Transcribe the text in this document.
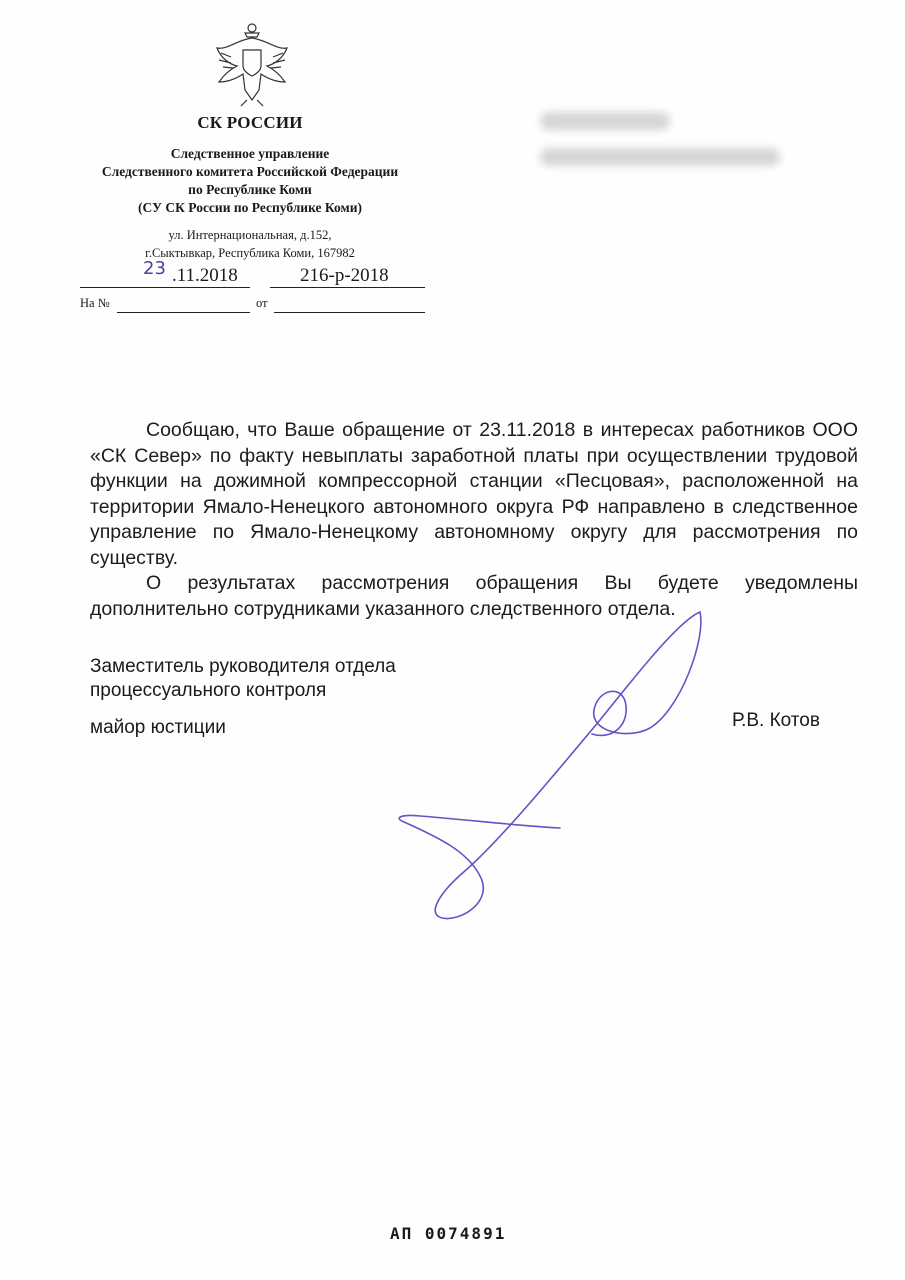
СК РОССИИ
Следственное управление
Следственного комитета Российской Федерации
по Республике Коми
(СУ СК России по Республике Коми)
ул. Интернациональная, д.152,
г.Сыктывкар, Республика Коми, 167982
23 .11.2018	216-р-2018
На №	от

Сообщаю, что Ваше обращение от 23.11.2018 в интересах работников ООО «СК Север» по факту невыплаты заработной платы при осуществлении трудовой функции на дожимной компрессорной станции «Песцовая», расположенной на территории Ямало-Ненецкого автономного округа РФ направлено в следственное управление по Ямало-Ненецкому автономному округу для рассмотрения по существу.

О результатах рассмотрения обращения Вы будете уведомлены дополнительно сотрудниками указанного следственного отдела.

Заместитель руководителя отдела
процессуального контроля
майор юстиции	Р.В. Котов
АП 0074891
